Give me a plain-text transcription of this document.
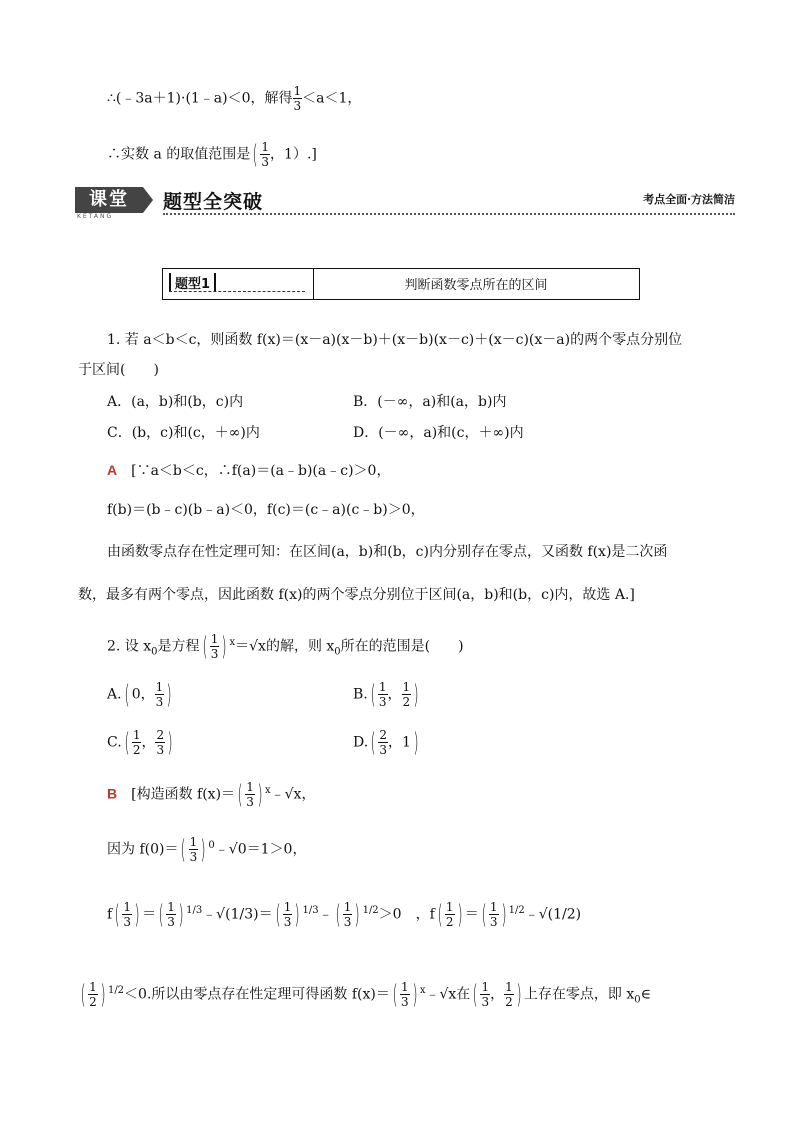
∴(﹣3a＋1)·(1﹣a)＜0，解得 $\frac{1}{3} <a<1$，
∴实数 a 的取值范围是( $\frac{1}{3}$ ，1）.]
课堂
KETANG
题型全突破	考点全面·方法简洁
题型1	判断函数零点所在的区间
1. 若 a＜b＜c，则函数 f(x)＝(x－a)(x－b)＋(x－b)(x－c)＋(x－c)(x－a)的两个零点分别位
于区间(　　)
A．(a，b)和(b，c)内	B．(－∞，a)和(a，b)内
C．(b，c)和(c，＋∞)内	D．(－∞，a)和(c，＋∞)内
A　 [∵a＜b＜c，∴f(a)＝(a﹣b)(a﹣c)＞0，
f(b)＝(b﹣c)(b﹣a)＜0，f(c)＝(c﹣a)(c﹣b)＞0，
由函数零点存在性定理可知：在区间(a，b)和(b，c)内分别存在零点，又函数 f(x)是二次函
数，最多有两个零点，因此函数 f(x)的两个零点分别位于区间(a，b)和(b，c)内，故选 A.]
2. 设 $x_0$是方程( $\frac{1}{3}$ ) $^x$＝√x的解，则 $x_0$所在的范围是(　　)
A.( 0， $\frac{1}{3}$ )	$B.( \frac{1}{3}$ ， $\frac{1}{2}$ )
$C.( \frac{1}{2}$ ， $\frac{2}{3}$ )	$D.( \frac{2}{3}$ ，1)
B　 [构造函数 $f(x)=( \frac{1}{3}$ ) $^x$﹣√x，
因为 $f(0)=( \frac{1}{3}$ ) $^0$﹣√0＝1＞0，
$f( \frac{1}{3}$ ) ＝( $\frac{1}{3}$ ) $^{1/3}$﹣√(1/3)＝( $\frac{1}{3}$ ) $^{1/3}$﹣( $\frac{1}{3}$ ) $^{1/2}$＞0　，$f( \frac{1}{2}$ ) ＝( $\frac{1}{3}$ ) $^{1/2}$﹣√(1/2)
( $\frac{1}{2}$ ) $^{1/2}$＜0.所以由零点存在性定理可得函数 $f(x)=( \frac{1}{3}$ ) $^x$﹣√x在( $\frac{1}{3}$ ， $\frac{1}{2}$ ) 上存在零点，即 $x_0\in$
